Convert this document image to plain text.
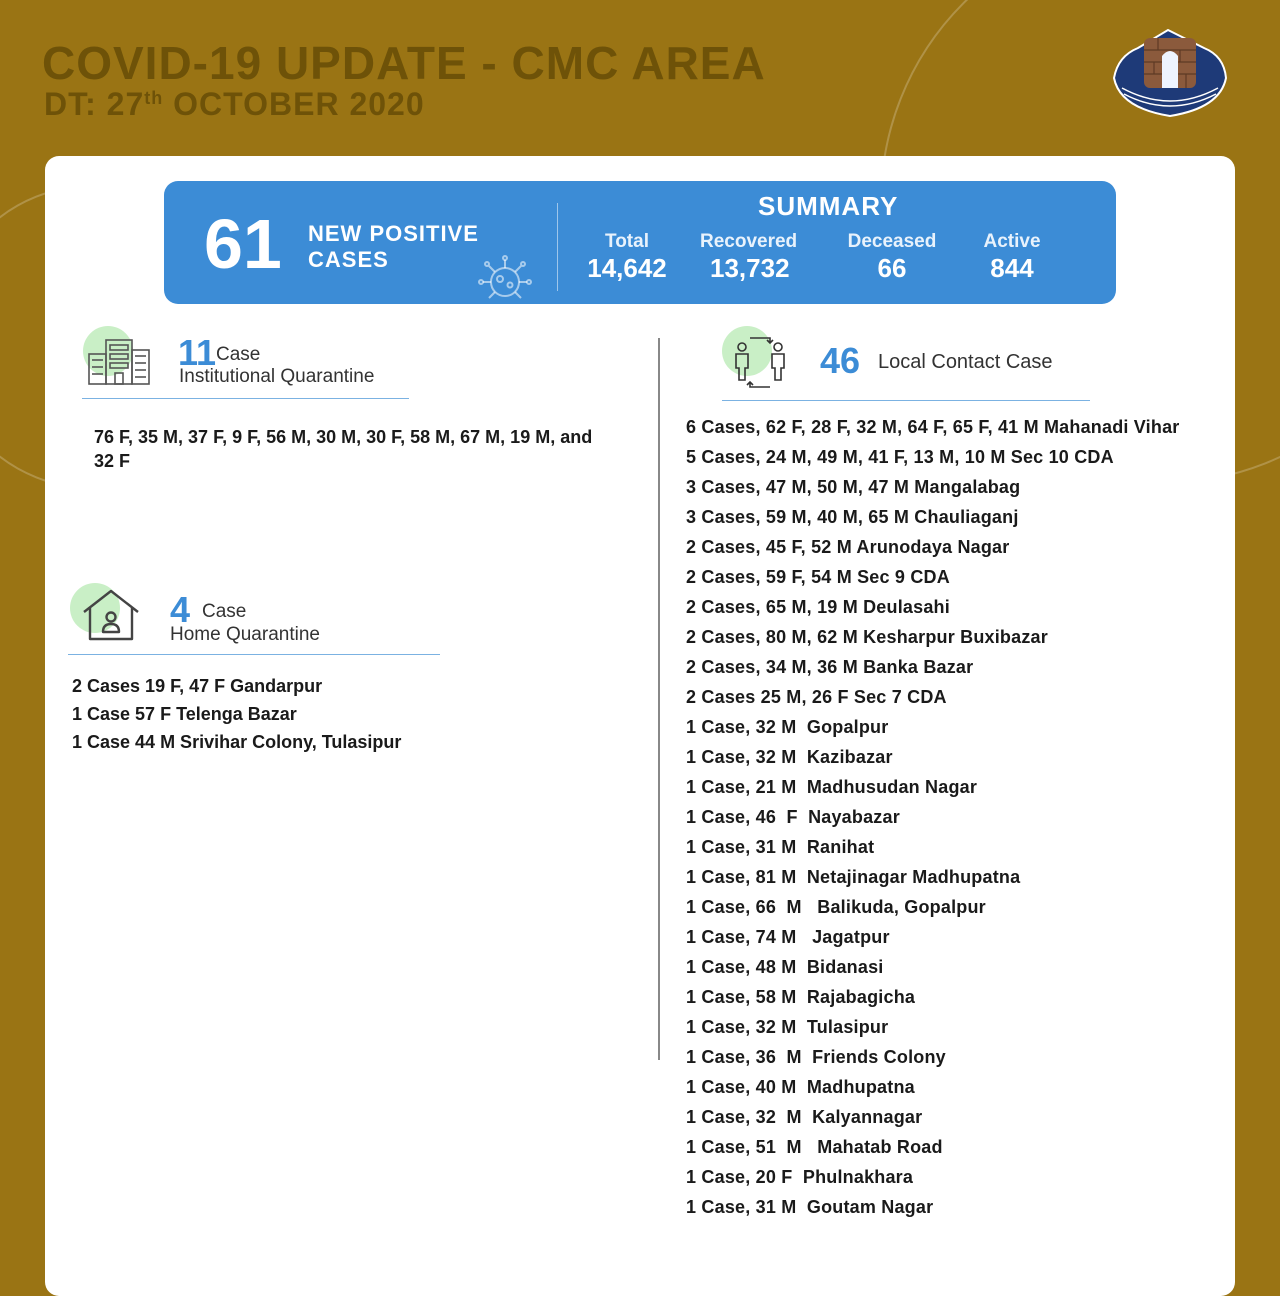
COVID-19 UPDATE - CMC AREA
DT: 27th OCTOBER 2020
61 NEW POSITIVE
CASES
SUMMARY
Total
14,642
Recovered
13,732
Deceased
66
Active
844
11 Case
Institutional Quarantine
76 F, 35 M, 37 F, 9 F, 56 M, 30 M, 30 F, 58 M, 67 M, 19 M, and 32 F
4 Case
Home Quarantine
2 Cases 19 F, 47 F Gandarpur
1 Case 57 F Telenga Bazar
1 Case 44 M Srivihar Colony, Tulasipur
46 Local Contact Case
6 Cases, 62 F, 28 F, 32 M, 64 F, 65 F, 41 M Mahanadi Vihar
5 Cases, 24 M, 49 M, 41 F, 13 M, 10 M Sec 10 CDA
3 Cases, 47 M, 50 M, 47 M Mangalabag
3 Cases, 59 M, 40 M, 65 M Chauliaganj
2 Cases, 45 F, 52 M Arunodaya Nagar
2 Cases, 59 F, 54 M Sec 9 CDA
2 Cases, 65 M, 19 M Deulasahi
2 Cases, 80 M, 62 M Kesharpur Buxibazar
2 Cases, 34 M, 36 M Banka Bazar
2 Cases 25 M, 26 F Sec 7 CDA
1 Case, 32 M  Gopalpur
1 Case, 32 M  Kazibazar
1 Case, 21 M  Madhusudan Nagar
1 Case, 46  F  Nayabazar
1 Case, 31 M  Ranihat
1 Case, 81 M  Netajinagar Madhupatna
1 Case, 66  M   Balikuda, Gopalpur
1 Case, 74 M   Jagatpur
1 Case, 48 M  Bidanasi
1 Case, 58 M  Rajabagicha
1 Case, 32 M  Tulasipur
1 Case, 36  M  Friends Colony
1 Case, 40 M  Madhupatna
1 Case, 32  M  Kalyannagar
1 Case, 51  M   Mahatab Road
1 Case, 20 F  Phulnakhara
1 Case, 31 M  Goutam Nagar
